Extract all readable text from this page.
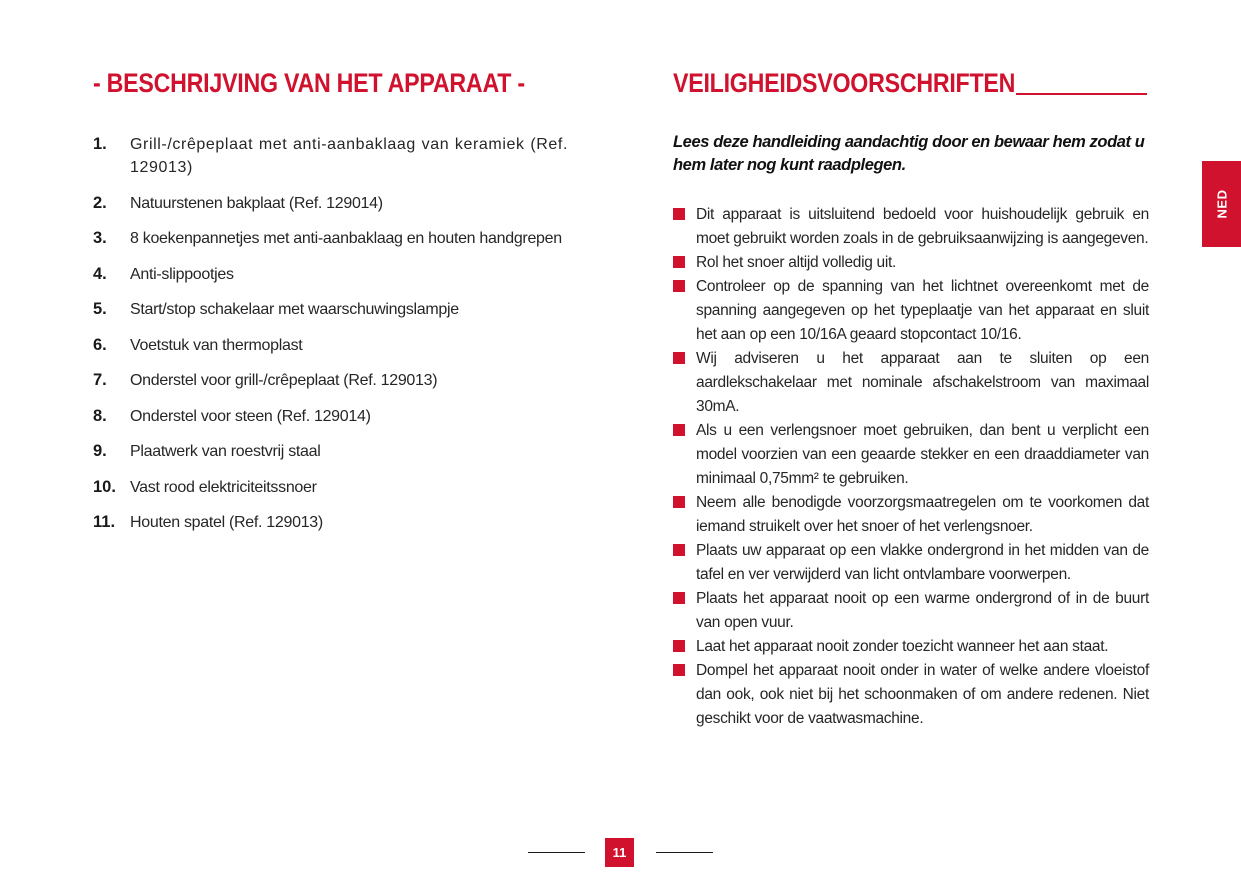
- BESCHRIJVING VAN HET APPARAAT -
1.	Grill-/crêpeplaat met anti-aanbaklaag van keramiek (Ref. 129013)
2.	Natuurstenen bakplaat (Ref. 129014)
3.	8 koekenpannetjes met anti-aanbaklaag en houten handgrepen
4.	Anti-slippootjes
5.	Start/stop schakelaar met waarschuwingslampje
6.	Voetstuk van thermoplast
7.	Onderstel voor grill-/crêpeplaat (Ref. 129013)
8.	Onderstel voor steen (Ref. 129014)
9.	Plaatwerk van roestvrij staal
10. Vast rood elektriciteitssnoer
11. Houten spatel (Ref. 129013)
VEILIGHEIDSVOORSCHRIFTEN

Lees deze handleiding aandachtig door en bewaar hem zodat u hem later nog kunt raadplegen.

Dit apparaat is uitsluitend bedoeld voor huishoudelijk gebruik en moet gebruikt worden zoals in de gebruiksaanwijzing is aangegeven.
Rol het snoer altijd volledig uit.
Controleer op de spanning van het lichtnet overeenkomt met de spanning aangegeven op het typeplaatje van het apparaat en sluit het aan op een 10/16A geaard stopcontact 10/16.
Wij adviseren u het apparaat aan te sluiten op een aardlekschakelaar met nominale afschakelstroom van maximaal 30mA.
Als u een verlengsnoer moet gebruiken, dan bent u verplicht een model voorzien van een geaarde stekker en een draaddiameter van minimaal 0,75mm² te gebruiken.
Neem alle benodigde voorzorgsmaatregelen om te voorkomen dat iemand struikelt over het snoer of het verlengsnoer.
Plaats uw apparaat op een vlakke ondergrond in het midden van de tafel en ver verwijderd van licht ontvlambare voorwerpen.
Plaats het apparaat nooit op een warme ondergrond of in de buurt van open vuur.
Laat het apparaat nooit zonder toezicht wanneer het aan staat.
Dompel het apparaat nooit onder in water of welke andere vloeistof dan ook, ook niet bij het schoonmaken of om andere redenen. Niet geschikt voor de vaatwasmachine.
NED
11
